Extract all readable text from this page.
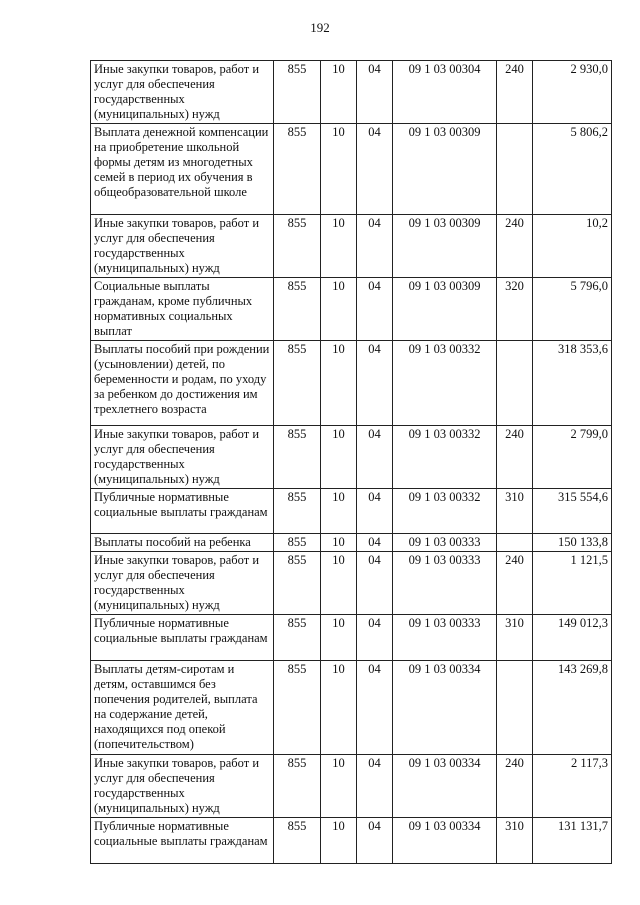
192
Иные закупки товаров, работ и услуг для обеспечения государственных (муниципальных) нужд	855	10	04	09 1 03 00304	240	2 930,0
Выплата денежной компенсации на приобретение школьной формы детям из многодетных семей в период их обучения в общеобразовательной школе	855	10	04	09 1 03 00309		5 806,2
Иные закупки товаров, работ и услуг для обеспечения государственных (муниципальных) нужд	855	10	04	09 1 03 00309	240	10,2
Социальные выплаты гражданам, кроме публичных нормативных социальных выплат	855	10	04	09 1 03 00309	320	5 796,0
Выплаты пособий при рождении (усыновлении) детей, по беременности и родам, по уходу за ребенком до достижения им трехлетнего возраста	855	10	04	09 1 03 00332		318 353,6
Иные закупки товаров, работ и услуг для обеспечения государственных (муниципальных) нужд	855	10	04	09 1 03 00332	240	2 799,0
Публичные нормативные социальные выплаты гражданам	855	10	04	09 1 03 00332	310	315 554,6
Выплаты пособий на ребенка	855	10	04	09 1 03 00333		150 133,8
Иные закупки товаров, работ и услуг для обеспечения государственных (муниципальных) нужд	855	10	04	09 1 03 00333	240	1 121,5
Публичные нормативные социальные выплаты гражданам	855	10	04	09 1 03 00333	310	149 012,3
Выплаты детям-сиротам и детям, оставшимся без попечения родителей, выплата на содержание детей, находящихся под опекой (попечительством)	855	10	04	09 1 03 00334		143 269,8
Иные закупки товаров, работ и услуг для обеспечения государственных (муниципальных) нужд	855	10	04	09 1 03 00334	240	2 117,3
Публичные нормативные социальные выплаты гражданам	855	10	04	09 1 03 00334	310	131 131,7
